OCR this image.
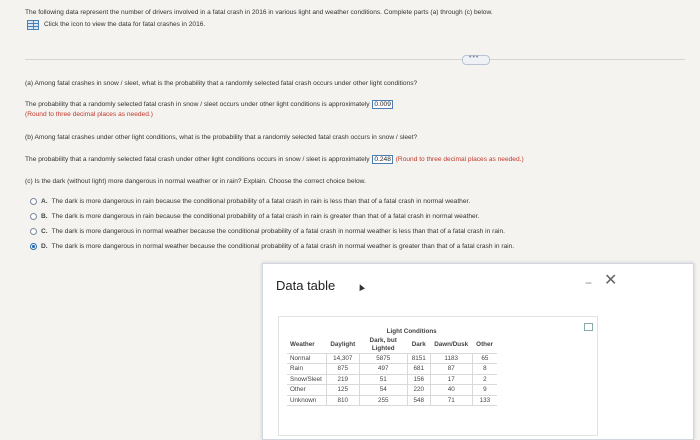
The following data represent the number of drivers involved in a fatal crash in 2016 in various light and weather conditions. Complete parts (a) through (c) below.
Click the icon to view the data for fatal crashes in 2016.
•••
(a) Among fatal crashes in snow / sleet, what is the probability that a randomly selected fatal crash occurs under other light conditions?
The probability that a randomly selected fatal crash in snow / sleet occurs under other light conditions is approximately 0.009
(Round to three decimal places as needed.)
(b) Among fatal crashes under other light conditions, what is the probability that a randomly selected fatal crash occurs in snow / sleet?
The probability that a randomly selected fatal crash under other light conditions occurs in snow / sleet is approximately 0.248 (Round to three decimal places as needed.)
(c) Is the dark (without light) more dangerous in normal weather or in rain? Explain. Choose the correct choice below.
A. The dark is more dangerous in rain because the conditional probability of a fatal crash in rain is less than that of a fatal crash in normal weather.
B. The dark is more dangerous in rain because the conditional probability of a fatal crash in rain is greater than that of a fatal crash in normal weather.
C. The dark is more dangerous in normal weather because the conditional probability of a fatal crash in normal weather is less than that of a fatal crash in rain.
D. The dark is more dangerous in normal weather because the conditional probability of a fatal crash in normal weather is greater than that of a fatal crash in rain.
Data table	− ✕
	Light Conditions				
Weather	Daylight	Dark, but Lighted	Dark	Dawn/Dusk	Other
Normal	14,307	5875	8151	1183	65
Rain	875	497	681	87	8
Snow/Sleet	219	51	156	17	2
Other	125	54	220	40	9
Unknown	810	255	548	71	133
